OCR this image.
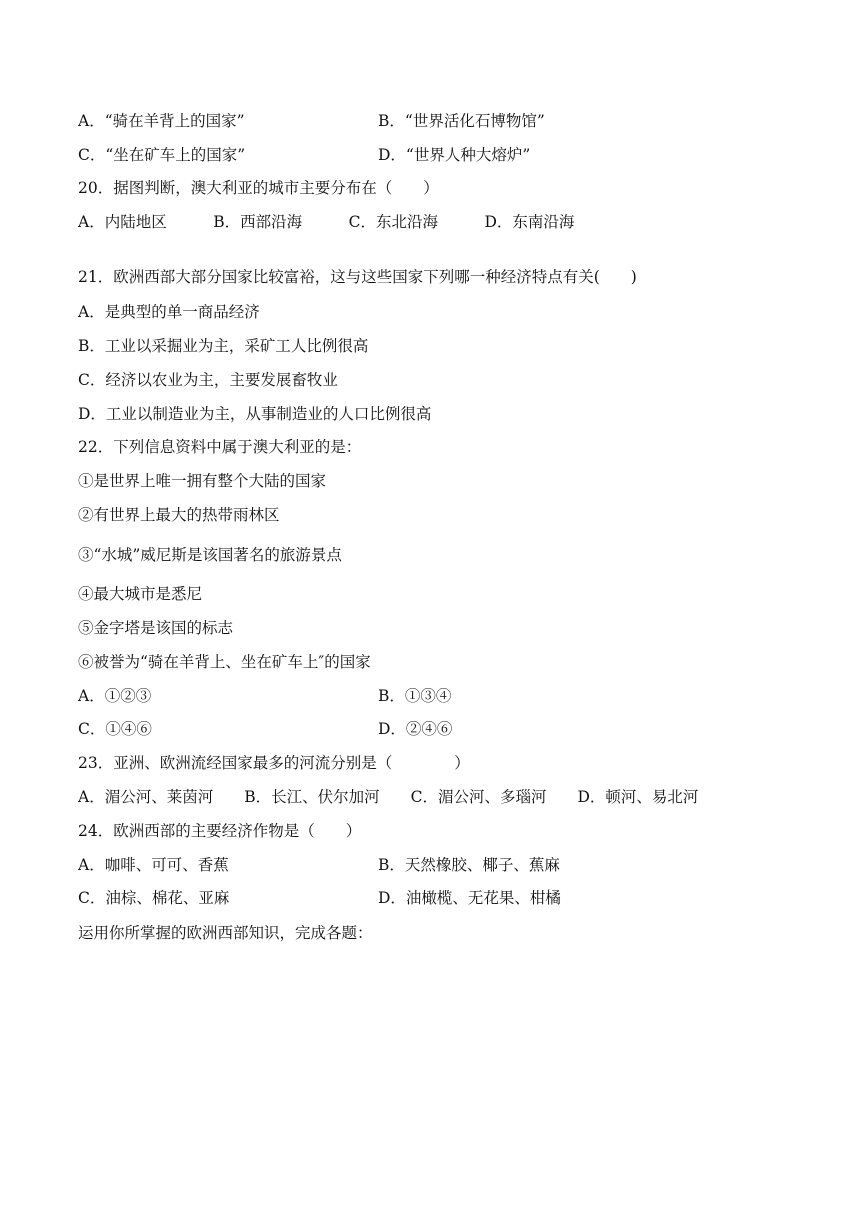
A．“骑在羊背上的国家”	B．“世界活化石博物馆”
C．“坐在矿车上的国家”	D．“世界人种大熔炉”
20．据图判断，澳大利亚的城市主要分布在（　　）
A．内陆地区　　　B．西部沿海　　　C．东北沿海　　　D．东南沿海
21．欧洲西部大部分国家比较富裕，这与这些国家下列哪一种经济特点有关(　　)
A．是典型的单一商品经济
B．工业以采掘业为主，采矿工人比例很高
C．经济以农业为主，主要发展畜牧业
D．工业以制造业为主，从事制造业的人口比例很高
22．下列信息资料中属于澳大利亚的是：
①是世界上唯一拥有整个大陆的国家
②有世界上最大的热带雨林区
③“水城”威尼斯是该国著名的旅游景点
④最大城市是悉尼
⑤金字塔是该国的标志
⑥被誉为“骑在羊背上、坐在矿车上″的国家
A．①②③	B．①③④
C．①④⑥	D．②④⑥
23．亚洲、欧洲流经国家最多的河流分别是（　　　　）
A．湄公河、莱茵河　　B．长江、伏尔加河　　C．湄公河、多瑙河　　D．顿河、易北河
24．欧洲西部的主要经济作物是（　　）
A．咖啡、可可、香蕉	B．天然橡胶、椰子、蕉麻
C．油棕、棉花、亚麻	D．油橄榄、无花果、柑橘
运用你所掌握的欧洲西部知识，完成各题：
